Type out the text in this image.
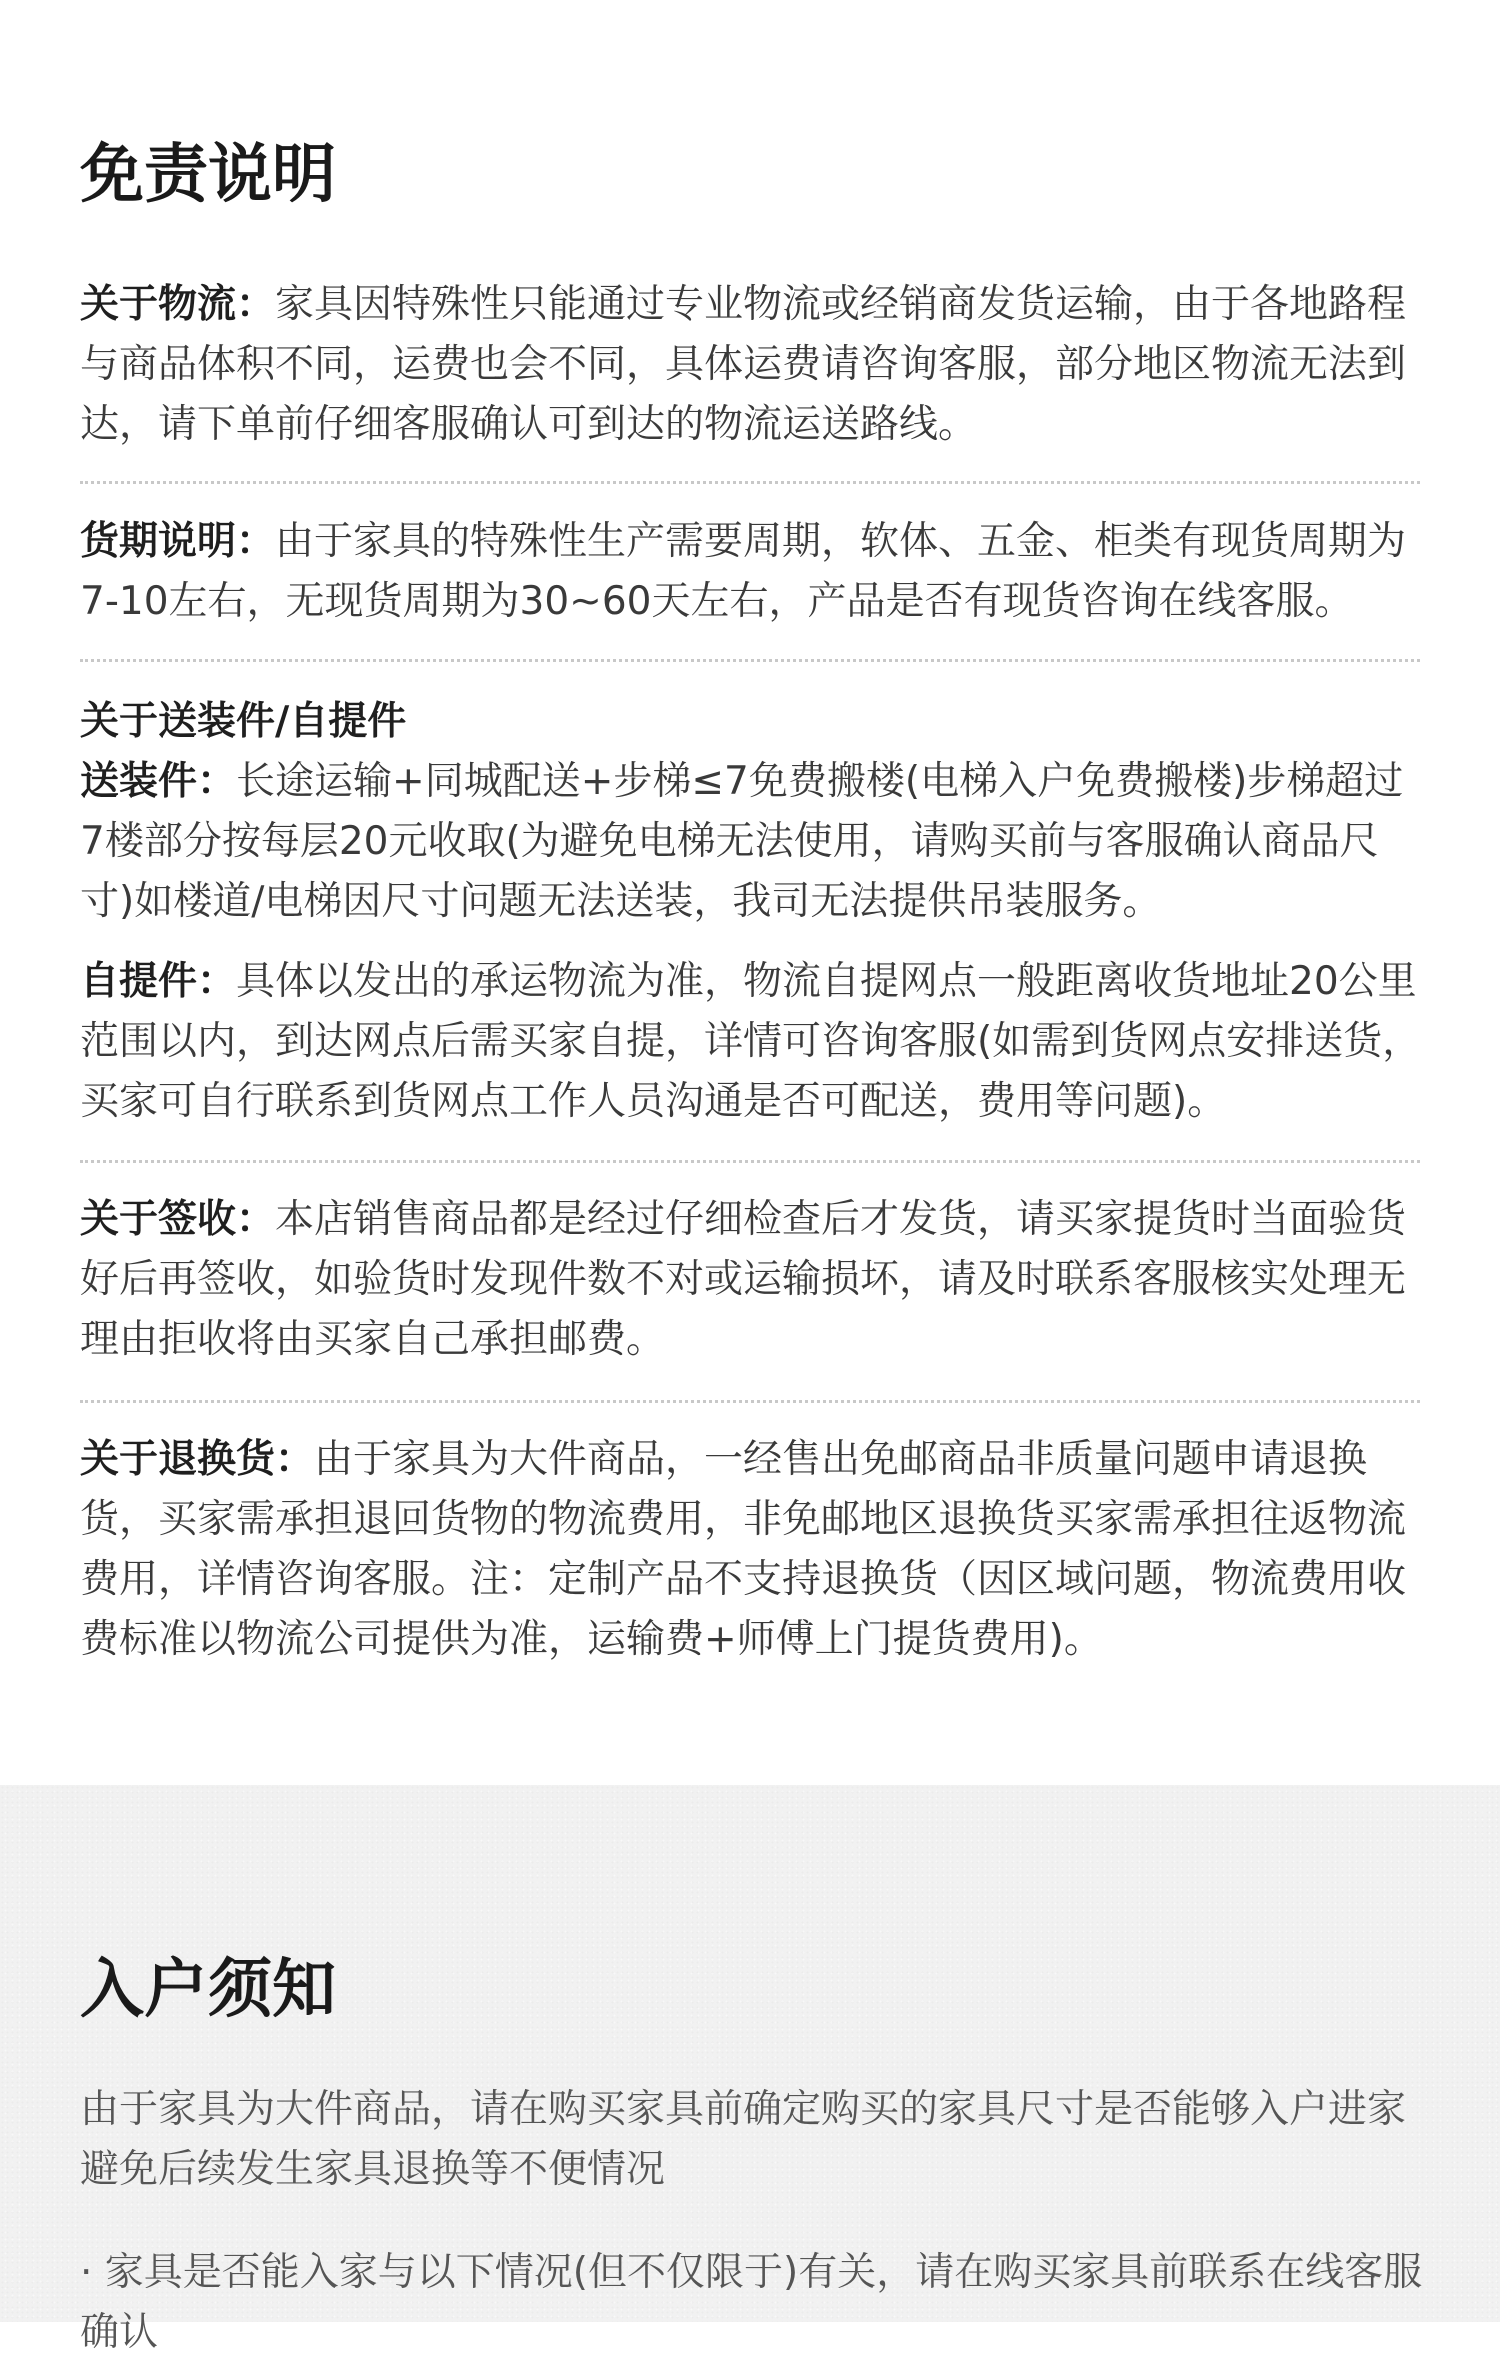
免责说明

关于物流：家具因特殊性只能通过专业物流或经销商发货运输，由于各地路程与商品体积不同，运费也会不同，具体运费请咨询客服，部分地区物流无法到达，请下单前仔细客服确认可到达的物流运送路线。

货期说明：由于家具的特殊性生产需要周期，软体、五金、柜类有现货周期为7-10左右，无现货周期为30~60天左右，产品是否有现货咨询在线客服。

关于送装件/自提件

送装件：长途运输+同城配送+步梯≤7免费搬楼(电梯入户免费搬楼)步梯超过7楼部分按每层20元收取(为避免电梯无法使用，请购买前与客服确认商品尺寸)如楼道/电梯因尺寸问题无法送装，我司无法提供吊装服务。

自提件：具体以发出的承运物流为准，物流自提网点一般距离收货地址20公里范围以内，到达网点后需买家自提，详情可咨询客服(如需到货网点安排送货，买家可自行联系到货网点工作人员沟通是否可配送，费用等问题)。

关于签收：本店销售商品都是经过仔细检查后才发货，请买家提货时当面验货好后再签收，如验货时发现件数不对或运输损坏，请及时联系客服核实处理无理由拒收将由买家自己承担邮费。

关于退换货：由于家具为大件商品，一经售出免邮商品非质量问题申请退换货，买家需承担退回货物的物流费用，非免邮地区退换货买家需承担往返物流费用，详情咨询客服。注：定制产品不支持退换货（因区域问题，物流费用收费标准以物流公司提供为准，运输费+师傅上门提货费用)。

入户须知

由于家具为大件商品，请在购买家具前确定购买的家具尺寸是否能够入户进家避免后续发生家具退换等不便情况

· 家具是否能入家与以下情况(但不仅限于)有关，请在购买家具前联系在线客服确认
